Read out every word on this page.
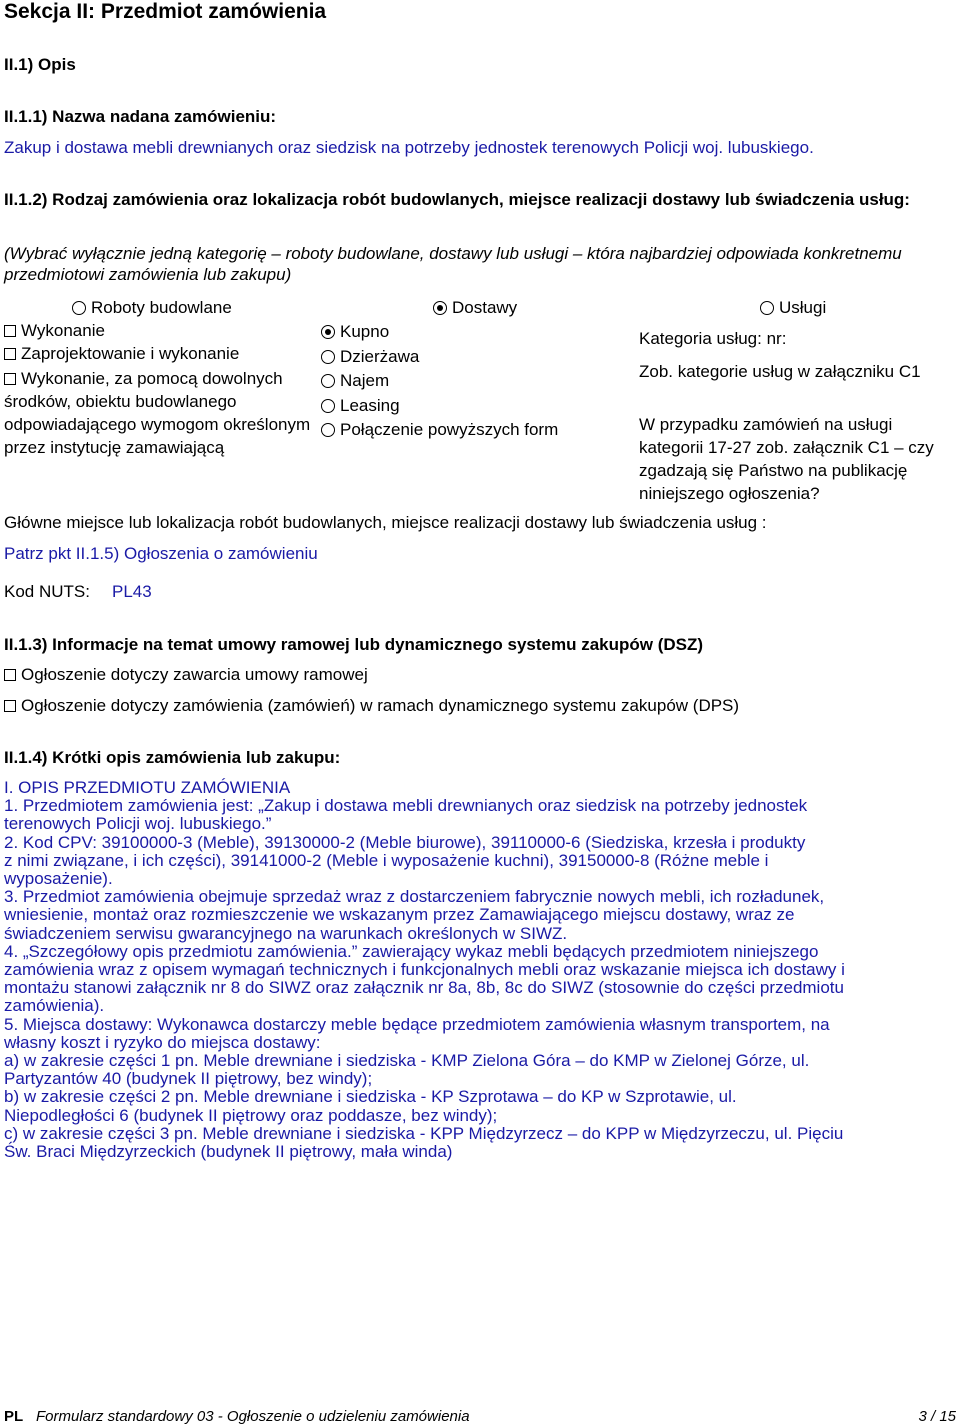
Sekcja II: Przedmiot zamówienia
II.1) Opis
II.1.1) Nazwa nadana zamówieniu:
Zakup i dostawa mebli drewnianych oraz siedzisk na potrzeby jednostek terenowych Policji woj. lubuskiego.
II.1.2) Rodzaj zamówienia oraz lokalizacja robót budowlanych, miejsce realizacji dostawy lub świadczenia usług:
(Wybrać wyłącznie jedną kategorię – roboty budowlane, dostawy lub usługi – która najbardziej odpowiada konkretnemu przedmiotowi zamówienia lub zakupu)
Roboty budowlane	Dostawy	Usługi
Wykonanie
Zaprojektowanie i wykonanie
Wykonanie, za pomocą dowolnych środków, obiektu budowlanego odpowiadającego wymogom określonym przez instytucję zamawiającą
Kupno
Dzierżawa
Najem
Leasing
Połączenie powyższych form
Kategoria usług: nr:
Zob. kategorie usług w załączniku C1
W przypadku zamówień na usługi kategorii 17-27 zob. załącznik C1 – czy zgadzają się Państwo na publikację niniejszego ogłoszenia?
Główne miejsce lub lokalizacja robót budowlanych, miejsce realizacji dostawy lub świadczenia usług :
Patrz pkt II.1.5) Ogłoszenia o zamówieniu
Kod NUTS: PL43
II.1.3) Informacje na temat umowy ramowej lub dynamicznego systemu zakupów (DSZ)
Ogłoszenie dotyczy zawarcia umowy ramowej
Ogłoszenie dotyczy zamówienia (zamówień) w ramach dynamicznego systemu zakupów (DPS)
II.1.4) Krótki opis zamówienia lub zakupu:
I. OPIS PRZEDMIOTU ZAMÓWIENIA
1. Przedmiotem zamówienia jest: „Zakup i dostawa mebli drewnianych oraz siedzisk na potrzeby jednostek
terenowych Policji woj. lubuskiego.”
2. Kod CPV: 39100000-3 (Meble), 39130000-2 (Meble biurowe), 39110000-6 (Siedziska, krzesła i produkty
z nimi związane, i ich części), 39141000-2 (Meble i wyposażenie kuchni), 39150000-8 (Różne meble i
wyposażenie).
3. Przedmiot zamówienia obejmuje sprzedaż wraz z dostarczeniem fabrycznie nowych mebli, ich rozładunek,
wniesienie, montaż oraz rozmieszczenie we wskazanym przez Zamawiającego miejscu dostawy, wraz ze
świadczeniem serwisu gwarancyjnego na warunkach określonych w SIWZ.
4. „Szczegółowy opis przedmiotu zamówienia.” zawierający wykaz mebli będących przedmiotem niniejszego
zamówienia wraz z opisem wymagań technicznych i funkcjonalnych mebli oraz wskazanie miejsca ich dostawy i
montażu stanowi załącznik nr 8 do SIWZ oraz załącznik nr 8a, 8b, 8c do SIWZ (stosownie do części przedmiotu
zamówienia).
5. Miejsca dostawy: Wykonawca dostarczy meble będące przedmiotem zamówienia własnym transportem, na
własny koszt i ryzyko do miejsca dostawy:
a) w zakresie części 1 pn. Meble drewniane i siedziska - KMP Zielona Góra – do KMP w Zielonej Górze, ul.
Partyzantów 40 (budynek II piętrowy, bez windy);
b) w zakresie części 2 pn. Meble drewniane i siedziska - KP Szprotawa – do KP w Szprotawie, ul.
Niepodległości 6 (budynek II piętrowy oraz poddasze, bez windy);
c) w zakresie części 3 pn. Meble drewniane i siedziska - KPP Międzyrzecz – do KPP w Międzyrzeczu, ul. Pięciu
Św. Braci Międzyrzeckich (budynek II piętrowy, mała winda)
PL Formularz standardowy 03 - Ogłoszenie o udzieleniu zamówienia	3 / 15
